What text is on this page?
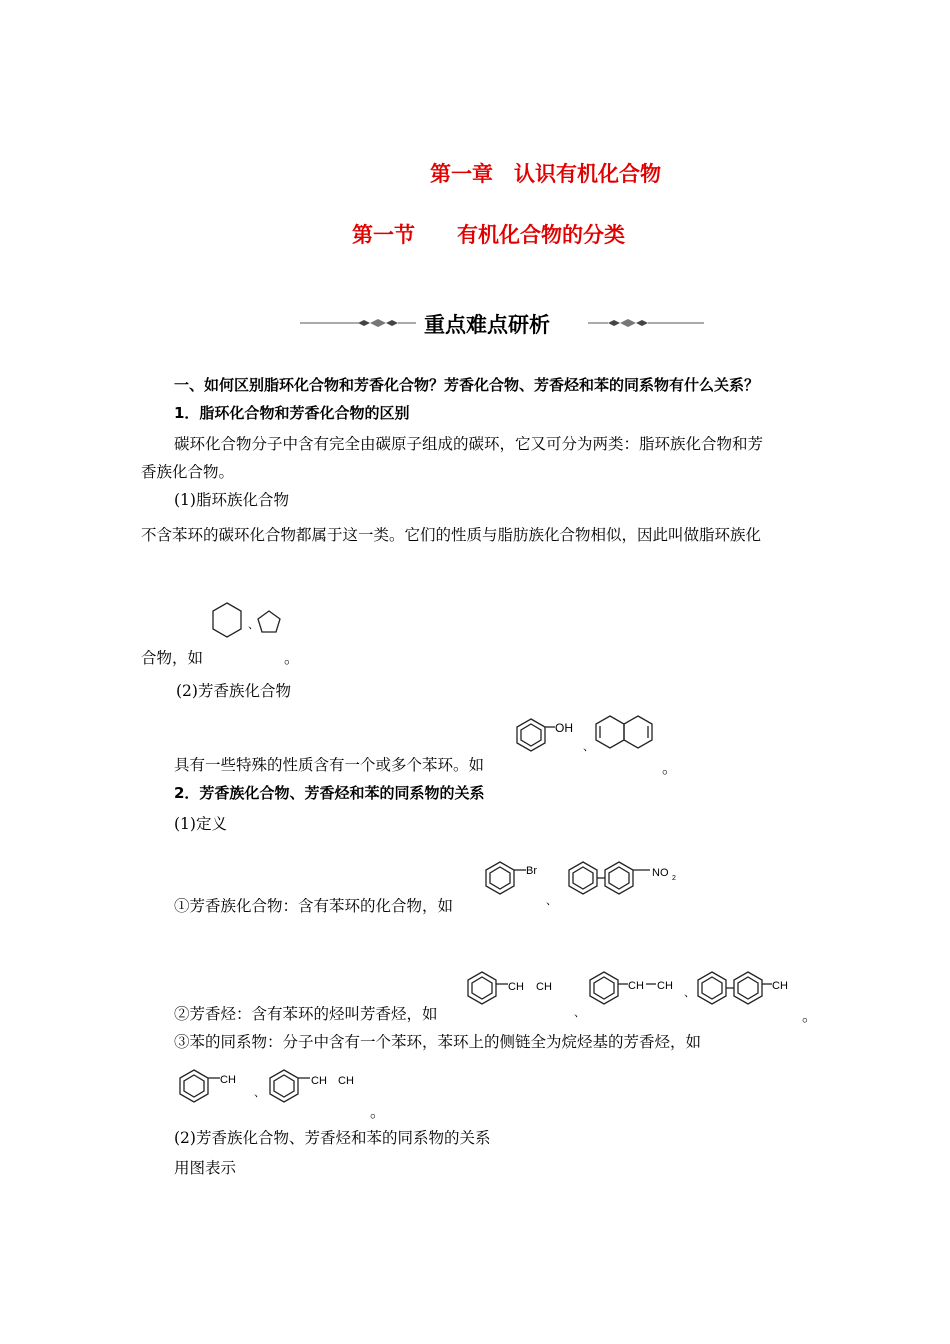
第一章　认识有机化合物
第一节　　有机化合物的分类
重点难点研析
一、如何区别脂环化合物和芳香化合物？芳香化合物、芳香烃和苯的同系物有什么关系？
1．脂环化合物和芳香化合物的区别
碳环化合物分子中含有完全由碳原子组成的碳环，它又可分为两类：脂环族化合物和芳
香族化合物。
(1)脂环族化合物
不含苯环的碳环化合物都属于这一类。它们的性质与脂肪族化合物相似，因此叫做脂环族化
、
合物，如	。
(2)芳香族化合物
OH
、
具有一些特殊的性质含有一个或多个苯环。如	。
2．芳香族化合物、芳香烃和苯的同系物的关系
(1)定义
Br
、
NO 2
①芳香族化合物：含有苯环的化合物，如
CH CH
、
CH CH
、
CH
②芳香烃：含有苯环的烃叫芳香烃，如	。
③苯的同系物：分子中含有一个苯环，苯环上的侧链全为烷烃基的芳香烃，如
CH
、
CH CH
。
(2)芳香族化合物、芳香烃和苯的同系物的关系
用图表示
